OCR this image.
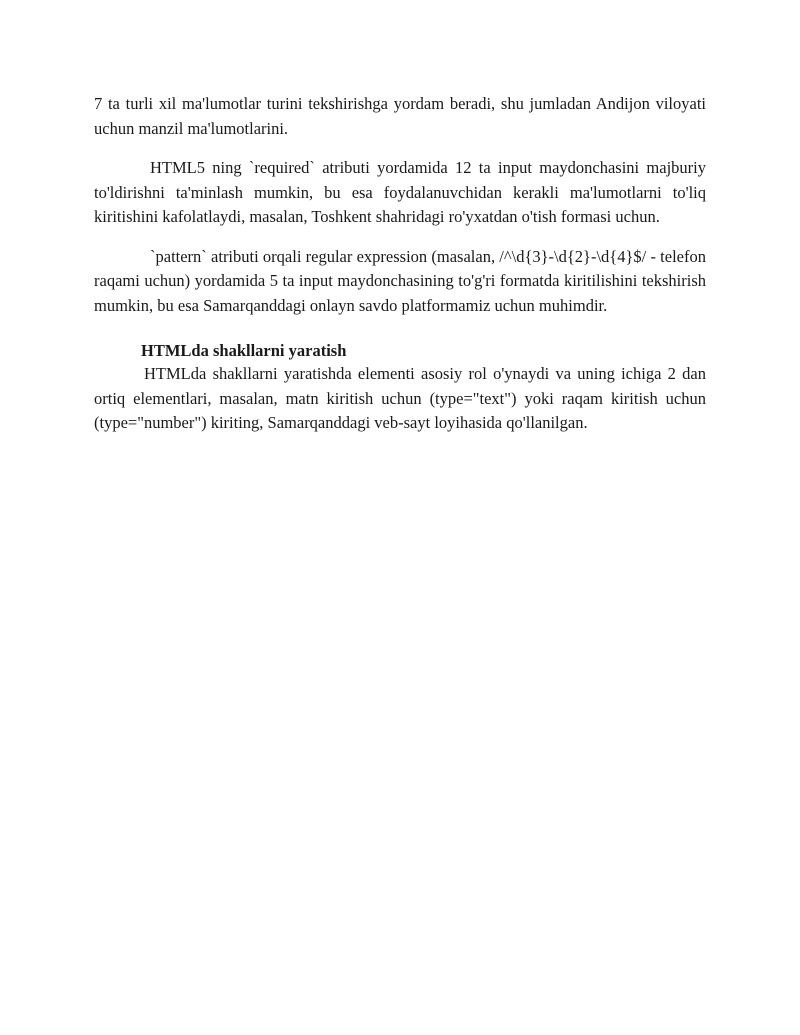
7 ta turli xil ma'lumotlar turini tekshirishga yordam beradi, shu jumladan Andijon viloyati uchun manzil ma'lumotlarini.

HTML5 ning `required` atributi yordamida 12 ta input maydonchasini majburiy to'ldirishni ta'minlash mumkin, bu esa foydalanuvchidan kerakli ma'lumotlarni to'liq kiritishini kafolatlaydi, masalan, Toshkent shahridagi ro'yxatdan o'tish formasi uchun.

`pattern` atributi orqali regular expression (masalan, /^\d{3}-\d{2}-\d{4}$/ - telefon raqami uchun) yordamida 5 ta input maydonchasining to'g'ri formatda kiritilishini tekshirish mumkin, bu esa Samarqanddagi onlayn savdo platformamiz uchun muhimdir.

HTMLda shakllarni yaratish

HTMLda shakllarni yaratishda elementi asosiy rol o'ynaydi va uning ichiga 2 dan ortiq elementlari, masalan, matn kiritish uchun (type="text") yoki raqam kiritish uchun (type="number") kiriting, Samarqanddagi veb-sayt loyihasida qo'llanilgan.
